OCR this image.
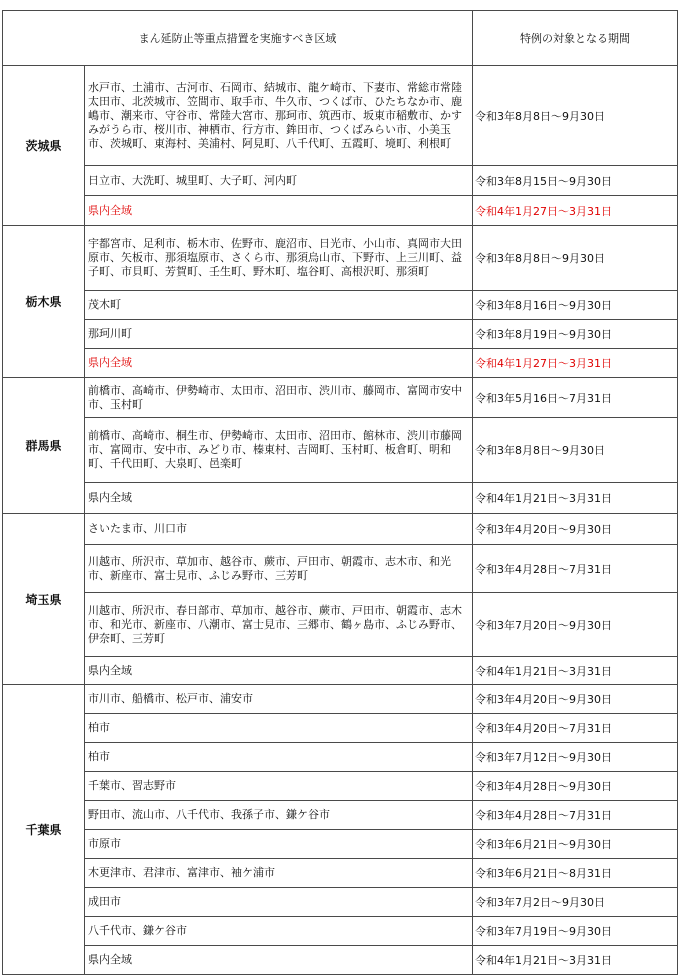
まん延防止等重点措置を実施すべき区域		特例の対象となる期間
茨城県	水戸市、土浦市、古河市、石岡市、結城市、龍ケ崎市、下妻市、常総市常陸太田市、北茨城市、笠間市、取手市、牛久市、つくば市、ひたちなか市、鹿嶋市、潮来市、守谷市、常陸大宮市、那珂市、筑西市、坂東市稲敷市、かすみがうら市、桜川市、神栖市、行方市、鉾田市、つくばみらい市、小美玉市、茨城町、東海村、美浦村、阿見町、八千代町、五霞町、境町、利根町	令和3年8月8日～9月30日
	日立市、大洗町、城里町、大子町、河内町	令和3年8月15日～9月30日
	県内全域	令和4年1月27日～3月31日
栃木県	宇都宮市、足利市、栃木市、佐野市、鹿沼市、日光市、小山市、真岡市大田原市、矢板市、那須塩原市、さくら市、那須烏山市、下野市、上三川町、益子町、市貝町、芳賀町、壬生町、野木町、塩谷町、高根沢町、那須町	令和3年8月8日～9月30日
	茂木町	令和3年8月16日～9月30日
	那珂川町	令和3年8月19日～9月30日
	県内全域	令和4年1月27日～3月31日
群馬県	前橋市、高崎市、伊勢崎市、太田市、沼田市、渋川市、藤岡市、富岡市安中市、玉村町	令和3年5月16日～7月31日
	前橋市、高崎市、桐生市、伊勢崎市、太田市、沼田市、館林市、渋川市藤岡市、富岡市、安中市、みどり市、榛東村、吉岡町、玉村町、板倉町、明和町、千代田町、大泉町、邑楽町	令和3年8月8日～9月30日
	県内全域	令和4年1月21日～3月31日
埼玉県	さいたま市、川口市	令和3年4月20日～9月30日
	川越市、所沢市、草加市、越谷市、蕨市、戸田市、朝霞市、志木市、和光市、新座市、富士見市、ふじみ野市、三芳町	令和3年4月28日～7月31日
	川越市、所沢市、春日部市、草加市、越谷市、蕨市、戸田市、朝霞市、志木市、和光市、新座市、八潮市、富士見市、三郷市、鶴ヶ島市、ふじみ野市、伊奈町、三芳町	令和3年7月20日～9月30日
	県内全域	令和4年1月21日～3月31日
千葉県	市川市、船橋市、松戸市、浦安市	令和3年4月20日～9月30日
	柏市	令和3年4月20日～7月31日
	柏市	令和3年7月12日～9月30日
	千葉市、習志野市	令和3年4月28日～9月30日
	野田市、流山市、八千代市、我孫子市、鎌ケ谷市	令和3年4月28日～7月31日
	市原市	令和3年6月21日～9月30日
	木更津市、君津市、富津市、袖ケ浦市	令和3年6月21日～8月31日
	成田市	令和3年7月2日～9月30日
	八千代市、鎌ケ谷市	令和3年7月19日～9月30日
	県内全域	令和4年1月21日～3月31日
